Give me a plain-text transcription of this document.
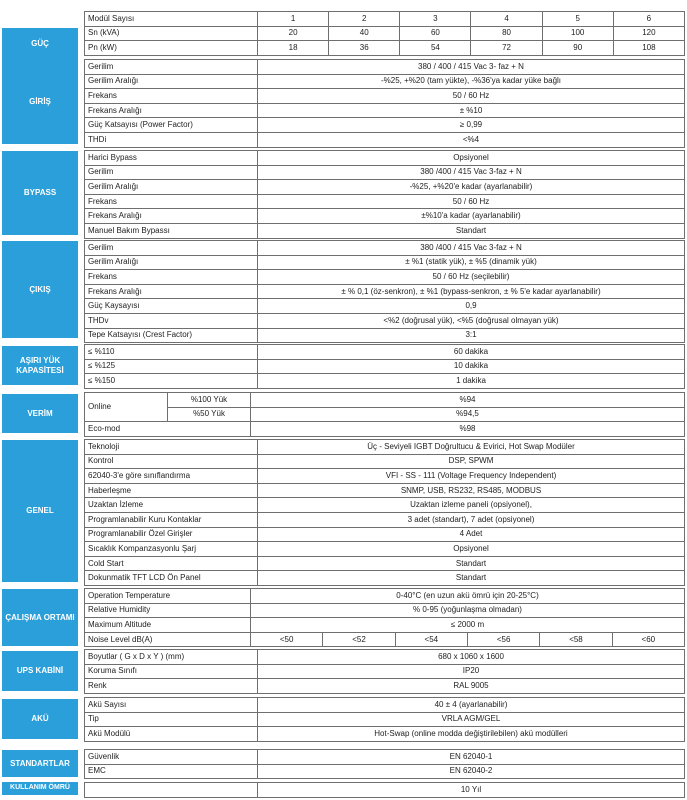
GÜÇ
Modül Sayısı	1	2	3	4	5	6
Sn (kVA)	20	40	60	80	100	120
Pn (kW)	18	36	54	72	90	108
GİRİŞ
Gerilim	380 / 400 / 415 Vac 3- faz + N
Gerilim Aralığı	-%25, +%20 (tam yükte), -%36'ya kadar yüke bağlı
Frekans	50 / 60 Hz
Frekans Aralığı	± %10
Güç Katsayısı (Power Factor)	≥ 0,99
THDi	<%4
BYPASS
Harici Bypass	Opsiyonel
Gerilim	380 /400 / 415 Vac 3-faz + N
Gerilim Aralığı	-%25, +%20'e kadar (ayarlanabilir)
Frekans	50 / 60 Hz
Frekans Aralığı	±%10'a kadar (ayarlanabilir)
Manuel Bakım Bypassı	Standart
ÇIKIŞ
Gerilim	380 /400 / 415 Vac 3-faz + N
Gerilim Aralığı	± %1 (statik yük), ± %5 (dinamik yük)
Frekans	50 / 60 Hz (seçilebilir)
Frekans Aralığı	± % 0,1 (öz-senkron), ± %1 (bypass-senkron, ± % 5'e kadar ayarlanabilir)
Güç Kaysayısı	0,9
THDv	<%2 (doğrusal yük), <%5 (doğrusal olmayan yük)
Tepe Katsayısı (Crest Factor)	3:1
AŞIRI YÜK KAPASİTESİ
≤ %110	60 dakika
≤ %125	10 dakika
≤ %150	1 dakika
VERİM
Online	%100 Yük	%94
	%50 Yük	%94,5
Eco-mod		%98
GENEL
Teknoloji	Üç - Seviyeli IGBT Doğrultucu & Evirici, Hot Swap Modüler
Kontrol	DSP, SPWM
62040-3'e göre sınıflandırma	VFI - SS - 111 (Voltage Frequency Independent)
Haberleşme	SNMP, USB, RS232, RS485, MODBUS
Uzaktan İzleme	Uzaktan izleme paneli (opsiyonel),
Programlanabilir Kuru Kontaklar	3 adet (standart), 7 adet (opsiyonel)
Programlanabilir Özel Girişler	4 Adet
Sıcaklık Kompanzasyonlu Şarj	Opsiyonel
Cold Start	Standart
Dokunmatik TFT LCD Ön Panel	Standart
ÇALIŞMA ORTAMI
Operation Temperature	0-40°C (en uzun akü ömrü için 20-25°C)					
Relative Humidity	% 0-95 (yoğunlaşma olmadan)					
Maximum Altitude	≤ 2000 m					
Noise Level dB(A)	<50	<52	<54	<56	<58	<60
UPS KABİNİ
Boyutlar ( G x D x Y ) (mm)	680 x 1060 x 1600
Koruma Sınıfı	IP20
Renk	RAL 9005
AKÜ
Akü Sayısı	40 ± 4 (ayarlanabilir)
Tip	VRLA AGM/GEL
Akü Modülü	Hot-Swap (online modda değiştirilebilen) akü modülleri
STANDARTLAR
Güvenlik	EN 62040-1
EMC	EN 62040-2
KULLANIM ÖMRÜ
		10 Yıl
